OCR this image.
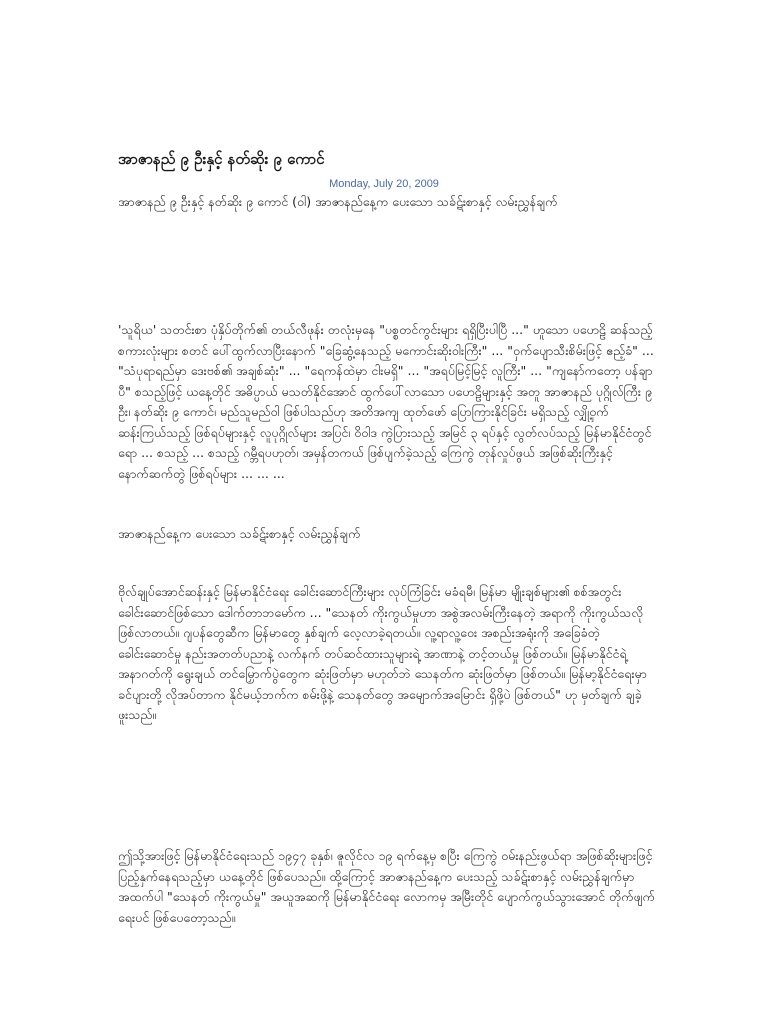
အာဇာနည် ၉ ဦးနှင့် နတ်ဆိုး ၉ ကောင်
Monday, July 20, 2009

အာဇာနည် ၉ ဦးနှင့် နတ်ဆိုး ၉ ကောင် (ဝါ) အာဇာနည်နေ့က ပေးသော သခ်ဋ်းစာနှင့် လမ်းညွှန်ချက်

'သူရိယ' သတင်းစာ ပုံနှိပ်တိုက်၏ တယ်လီဖုန်း တလုံးမှနေ "ပစ္စတင်ကွင်းများ ရရှိပြီးပါပြီ ..." ဟူသော ပဟေဠိ ဆန်သည့် စကားလုံးများ စတင် ပေါ်ထွက်လာပြီးနောက် "ခြေဆွံ့နေသည့် မကောင်းဆိုးဝါးကြီး" ... "ဝှက်ပျောသီးစိမ်းဖြင့် ဧည့်ခံ" ... "သံပုရာရည်မှာ ဒေးဗစ်၏ အချစ်ဆုံး" ... "ရေကန်ထဲမှာ ငါးမရှိ" ... "အရပ်မြင့်မြင့် လူကြီး" ... "ကျနော်ကတော့ ပန်ချာပီ" စသည့်ဖြင့် ယနေ့တိုင် အဓိပ္ပာယ် မသတ်နိုင်အောင် ထွက်ပေါ်လာသော ပဟေဠိများနှင့် အတူ အာဇာနည် ပုဂ္ဂိုလ်ကြီး ၉ ဦး၊ နတ်ဆိုး ၉ ကောင်၊ မည်သူမည်ဝါ ဖြစ်ပါသည်ဟု အတိအကျ ထုတ်ဖော် ပြောကြားနိုင်ခြင်း မရှိသည့် လျှို့ဝှက် ဆန်းကြယ်သည့် ဖြစ်ရပ်များနှင့် လူပုဂ္ဂိုလ်များ အပြင်၊ ဝိဝါဒ ကွဲပြားသည့် အမြင် ၃ ရပ်နှင့် လွတ်လပ်သည့် မြန်မာနိုင်ငံတွင်ရော ... စသည့် ... စသည့် ဂမ္ဘီရပဟုတ်၊ အမှန်တကယ် ဖြစ်ပျက်ခဲ့သည့် ကြေကွဲ တုန်လှုပ်ဖွယ် အဖြစ်ဆိုးကြီးနှင့် နောက်ဆက်တွဲ ဖြစ်ရပ်များ ... ... ...

အာဇာနည်နေ့က ပေးသော သခ်ဋ်းစာနှင့် လမ်းညွှန်ချက်

ဗိုလ်ချုပ်အောင်ဆန်းနှင့် မြန်မာနိုင်ငံရေး ခေါင်းဆောင်ကြီးများ လုပ်ကြံခြင်း မခံရမီ၊ မြန်မာ မျိုးချစ်များ၏ စစ်အတွင်း ခေါင်းဆောင်ဖြစ်သော ဒေါက်တာဘမော်က ... "သေနတ် ကိုးကွယ်မှုဟာ အစွဲအလမ်းကြီးနေတဲ့ အရာကို ကိုးကွယ်သလို ဖြစ်လာတယ်။ ဂျပန်တွေဆီက မြန်မာတွေ နှစ်ချက် လေ့လာခဲ့ရတယ်။ လူ့ရာလူ့ဝေး အစည်းအရုံးကို အခြေခံတဲ့ ခေါင်းဆောင်မှု နည်းအတတ်ပညာနဲ့ လက်နက် တပ်ဆင်ထားသူများရဲ့ အာဏာနဲ့ တင့်တယ်မှု ဖြစ်တယ်။ မြန်မာနိုင်ငံရဲ့ အနာဂတ်ကို ရွေးချယ် တင်မြှောက်ပွဲတွေက ဆုံးဖြတ်မှာ မဟုတ်ဘဲ သေနတ်က ဆုံးဖြတ်မှာ ဖြစ်တယ်။ မြန်မာ့နိုင်ငံရေးမှာ ခင်ပျားတို့ လိုအပ်တာက နိုင်မယ့်ဘက်က စမ်းဖို့နဲ့ သေနတ်တွေ အမျောက်အမြောင်း ရှိဖို့ပဲ ဖြစ်တယ်" ဟု မှတ်ချက် ချခဲ့ဖူးသည်။

ဤသို့အားဖြင့် မြန်မာနိုင်ငံရေးသည် ၁၉၄၇ ခုနှစ်၊ ဇူလိုင်လ ၁၉ ရက်နေ့မှ စပြီး ကြေကွဲ ဝမ်းနည်းဖွယ်ရာ အဖြစ်ဆိုးများဖြင့် ပြည့်နှက်နေရသည့်မှာ ယနေ့တိုင် ဖြစ်ပေသည်။ ထို့ကြောင့် အာဇာနည်နေ့က ပေးသည့် သခ်ဋ်းစာနှင့် လမ်းညွှန်ချက်မှာ အထက်ပါ "သေနတ် ကိုးကွယ်မှု" အယူအဆကို မြန်မာနိုင်ငံရေး လောကမှ အမြီးတိုင် ပျောက်ကွယ်သွားအောင် တိုက်ဖျက်ရေးပင် ဖြစ်ပေတော့သည်။
